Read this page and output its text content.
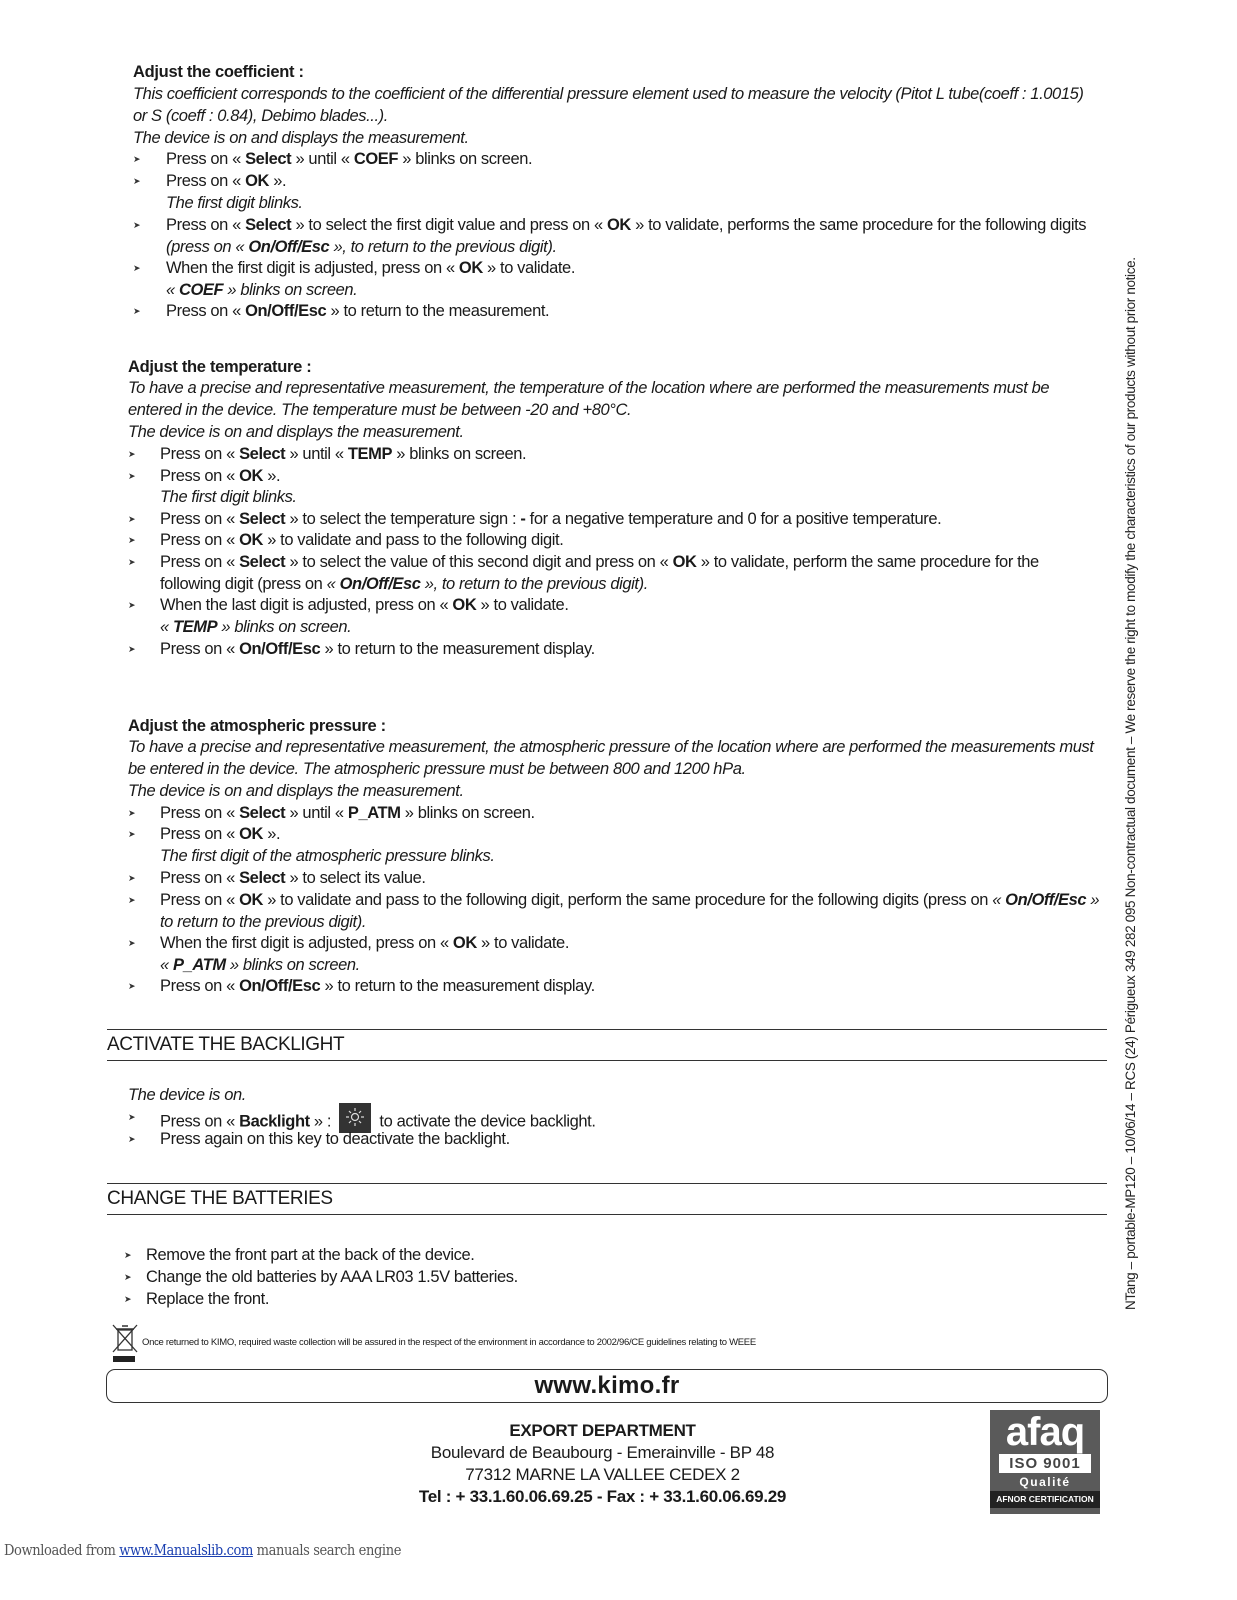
Adjust the coefficient :
This coefficient corresponds to the coefficient of the differential pressure element used to measure the velocity (Pitot L tube(coeff : 1.0015)
or S (coeff : 0.84), Debimo blades...).
The device is on and displays the measurement.
➤ Press on « Select » until « COEF » blinks on screen.
➤ Press on « OK ».
The first digit blinks.
➤ Press on « Select » to select the first digit value and press on « OK » to validate, performs the same procedure for the following digits
(press on « On/Off/Esc », to return to the previous digit).
➤ When the first digit is adjusted, press on « OK » to validate.
« COEF » blinks on screen.
➤ Press on « On/Off/Esc » to return to the measurement.
Adjust the temperature :
To have a precise and representative measurement, the temperature of the location where are performed the measurements must be
entered in the device. The temperature must be between -20 and +80°C.
The device is on and displays the measurement.
➤ Press on « Select » until « TEMP » blinks on screen.
➤ Press on « OK ».
The first digit blinks.
➤ Press on « Select » to select the temperature sign : - for a negative temperature and 0 for a positive temperature.
➤ Press on « OK » to validate and pass to the following digit.
➤ Press on « Select » to select the value of this second digit and press on « OK » to validate, perform the same procedure for the
following digit (press on « On/Off/Esc », to return to the previous digit).
➤ When the last digit is adjusted, press on « OK » to validate.
« TEMP » blinks on screen.
➤ Press on « On/Off/Esc » to return to the measurement display.
Adjust the atmospheric pressure :
To have a precise and representative measurement, the atmospheric pressure of the location where are performed the measurements must
be entered in the device. The atmospheric pressure must be between 800 and 1200 hPa.
The device is on and displays the measurement.
➤ Press on « Select » until « P_ATM » blinks on screen.
➤ Press on « OK ».
The first digit of the atmospheric pressure blinks.
➤ Press on « Select » to select its value.
➤ Press on « OK » to validate and pass to the following digit, perform the same procedure for the following digits (press on « On/Off/Esc »
to return to the previous digit).
➤ When the first digit is adjusted, press on « OK » to validate.
« P_ATM » blinks on screen.
➤ Press on « On/Off/Esc » to return to the measurement display.
ACTIVATE THE BACKLIGHT
The device is on.
➤ Press on « Backlight » :  to activate the device backlight.
➤ Press again on this key to deactivate the backlight.
CHANGE THE BATTERIES
➤ Remove the front part at the back of the device.
➤ Change the old batteries by AAA LR03 1.5V batteries.
➤ Replace the front.
Once returned to KIMO, required waste collection will be assured in the respect of the environment in accordance to 2002/96/CE guidelines relating to WEEE
www.kimo.fr
EXPORT DEPARTMENT
Boulevard de Beaubourg - Emerainville - BP 48
77312 MARNE LA VALLEE CEDEX 2
Tel : + 33.1.60.06.69.25 - Fax : + 33.1.60.06.69.29
afaq
ISO 9001
Qualité
AFNOR CERTIFICATION
NTang – portable-MP120 – 10/06/14 – RCS (24) Périgueux 349 282 095 Non-contractual document – We reserve the right to modify the characteristics of our products without prior notice.
Downloaded from www.Manualslib.com manuals search engine
